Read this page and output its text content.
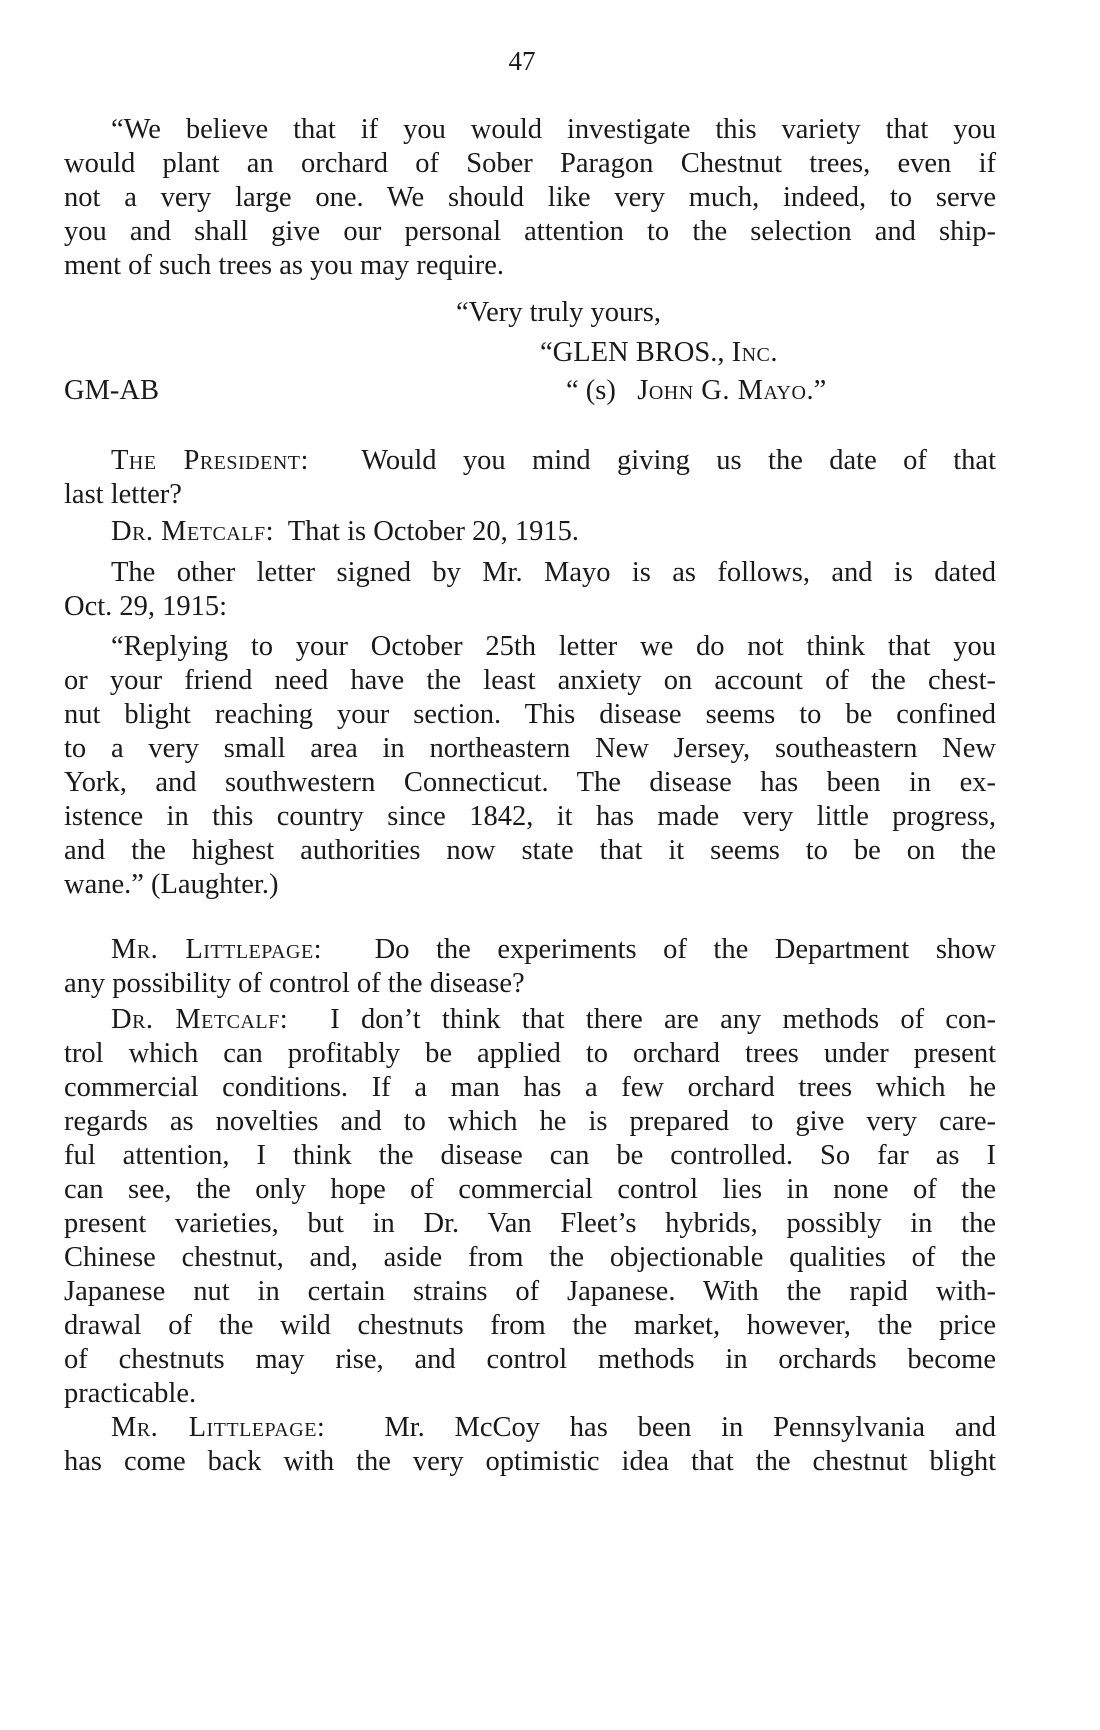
47
“We believe that if you would investigate this variety that you
would plant an orchard of Sober Paragon Chestnut trees, even if
not a very large one. We should like very much, indeed, to serve
you and shall give our personal attention to the selection and ship-
ment of such trees as you may require.
“Very truly yours,
“GLEN BROS., Inc.
GM-AB	“ (s) John G. Mayo.”
The President: Would you mind giving us the date of that
last letter?
Dr. Metcalf: That is October 20, 1915.
The other letter signed by Mr. Mayo is as follows, and is dated
Oct. 29, 1915:
“Replying to your October 25th letter we do not think that you
or your friend need have the least anxiety on account of the chest-
nut blight reaching your section. This disease seems to be confined
to a very small area in northeastern New Jersey, southeastern New
York, and southwestern Connecticut. The disease has been in ex-
istence in this country since 1842, it has made very little progress,
and the highest authorities now state that it seems to be on the
wane.” (Laughter.)
Mr. Littlepage: Do the experiments of the Department show
any possibility of control of the disease?
Dr. Metcalf: I don’t think that there are any methods of con-
trol which can profitably be applied to orchard trees under present
commercial conditions. If a man has a few orchard trees which he
regards as novelties and to which he is prepared to give very care-
ful attention, I think the disease can be controlled. So far as I
can see, the only hope of commercial control lies in none of the
present varieties, but in Dr. Van Fleet’s hybrids, possibly in the
Chinese chestnut, and, aside from the objectionable qualities of the
Japanese nut in certain strains of Japanese. With the rapid with-
drawal of the wild chestnuts from the market, however, the price
of chestnuts may rise, and control methods in orchards become
practicable.
Mr. Littlepage: Mr. McCoy has been in Pennsylvania and
has come back with the very optimistic idea that the chestnut blight
